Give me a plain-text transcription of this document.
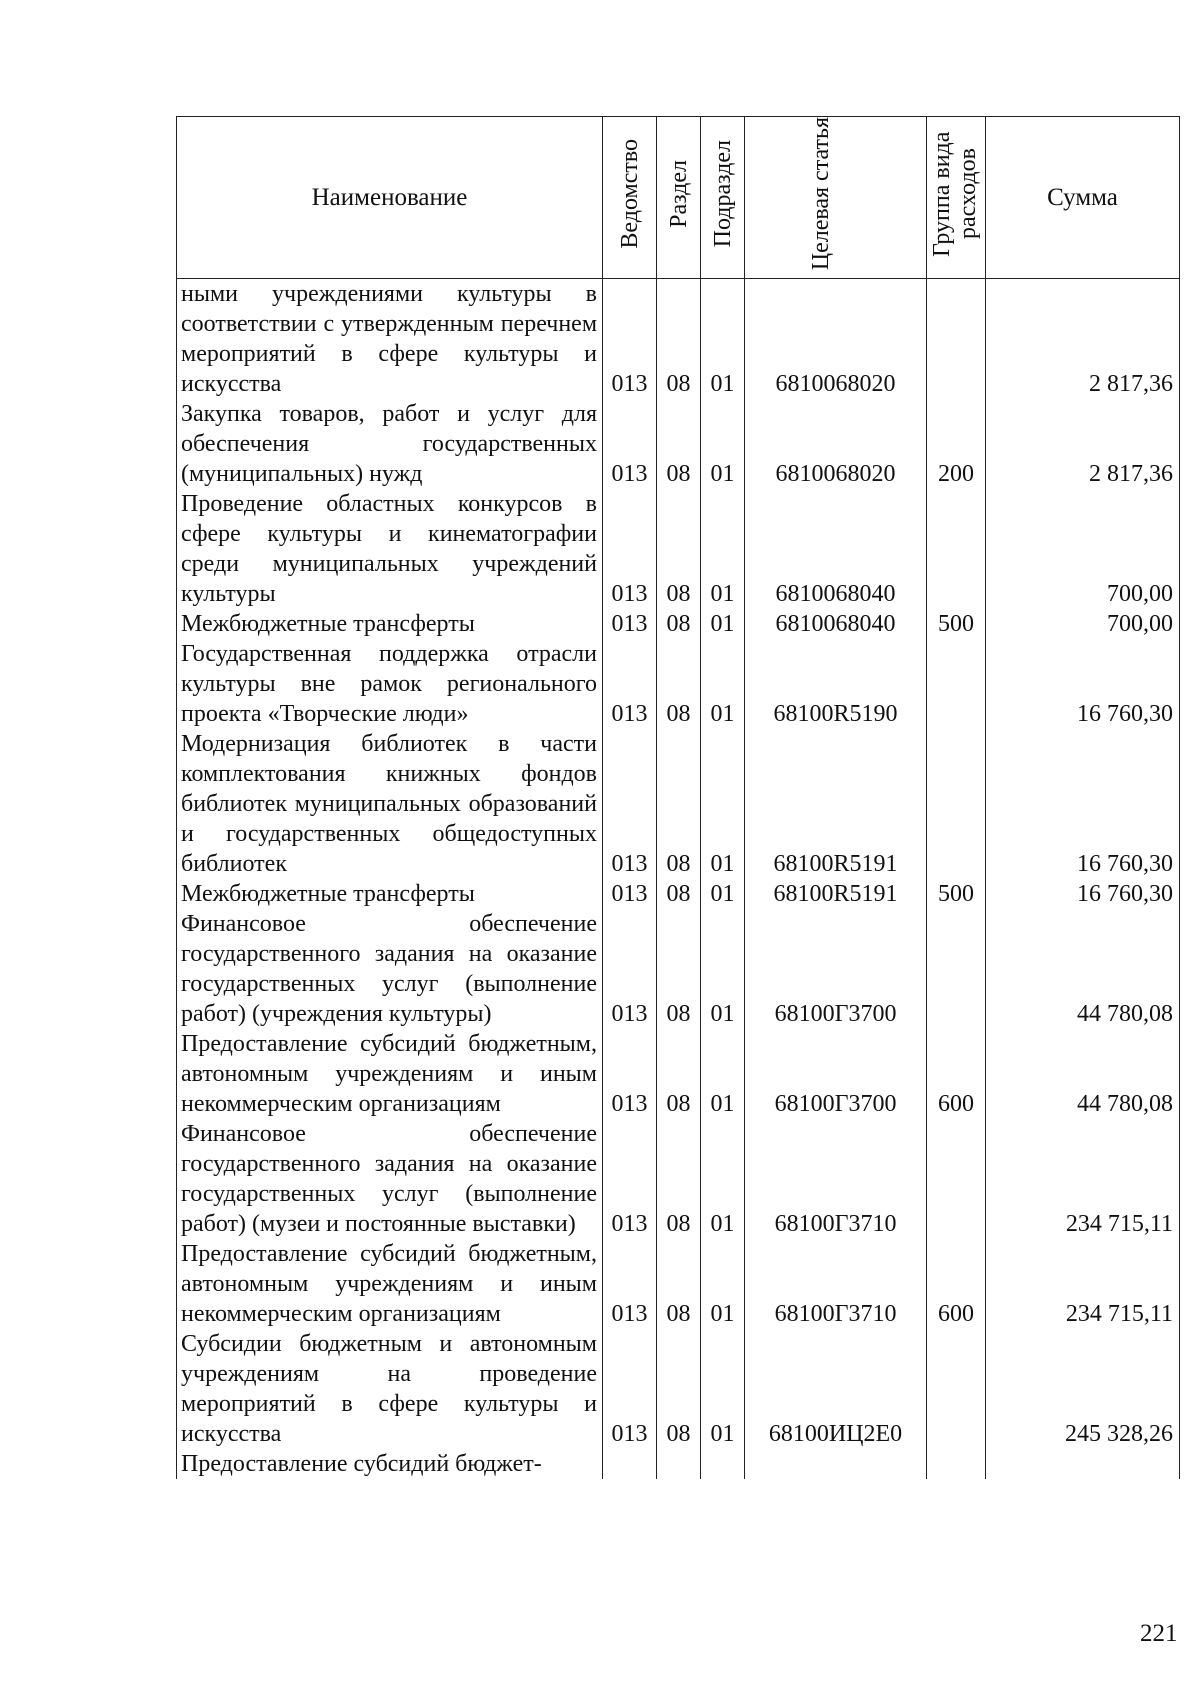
Наименование	Ведомство	Раздел	Подраздел	Целевая статья	Группа вида расходов	Сумма
ными учреждениями культуры в соответствии с утвержденным перечнем мероприятий в сфере культуры и искусства	013	08	01	6810068020		2 817,36
Закупка товаров, работ и услуг для обеспечения государственных (муниципальных) нужд	013	08	01	6810068020	200	2 817,36
Проведение областных конкурсов в сфере культуры и кинематографии среди муниципальных учреждений культуры	013	08	01	6810068040		700,00
Межбюджетные трансферты	013	08	01	6810068040	500	700,00
Государственная поддержка отрасли культуры вне рамок регионального проекта «Творческие люди»	013	08	01	68100R5190		16 760,30
Модернизация библиотек в части комплектования книжных фондов библиотек муниципальных образований и государственных общедоступных библиотек	013	08	01	68100R5191		16 760,30
Межбюджетные трансферты	013	08	01	68100R5191	500	16 760,30
Финансовое обеспечение государственного задания на оказание государственных услуг (выполнение работ) (учреждения культуры)	013	08	01	68100Г3700		44 780,08
Предоставление субсидий бюджетным, автономным учреждениям и иным некоммерческим организациям	013	08	01	68100Г3700	600	44 780,08
Финансовое обеспечение государственного задания на оказание государственных услуг (выполнение работ) (музеи и постоянные выставки)	013	08	01	68100Г3710		234 715,11
Предоставление субсидий бюджетным, автономным учреждениям и иным некоммерческим организациям	013	08	01	68100Г3710	600	234 715,11
Субсидии бюджетным и автономным учреждениям на проведение мероприятий в сфере культуры и искусства	013	08	01	68100ИЦ2Е0		245 328,26
Предоставление субсидий бюджет-						
221
